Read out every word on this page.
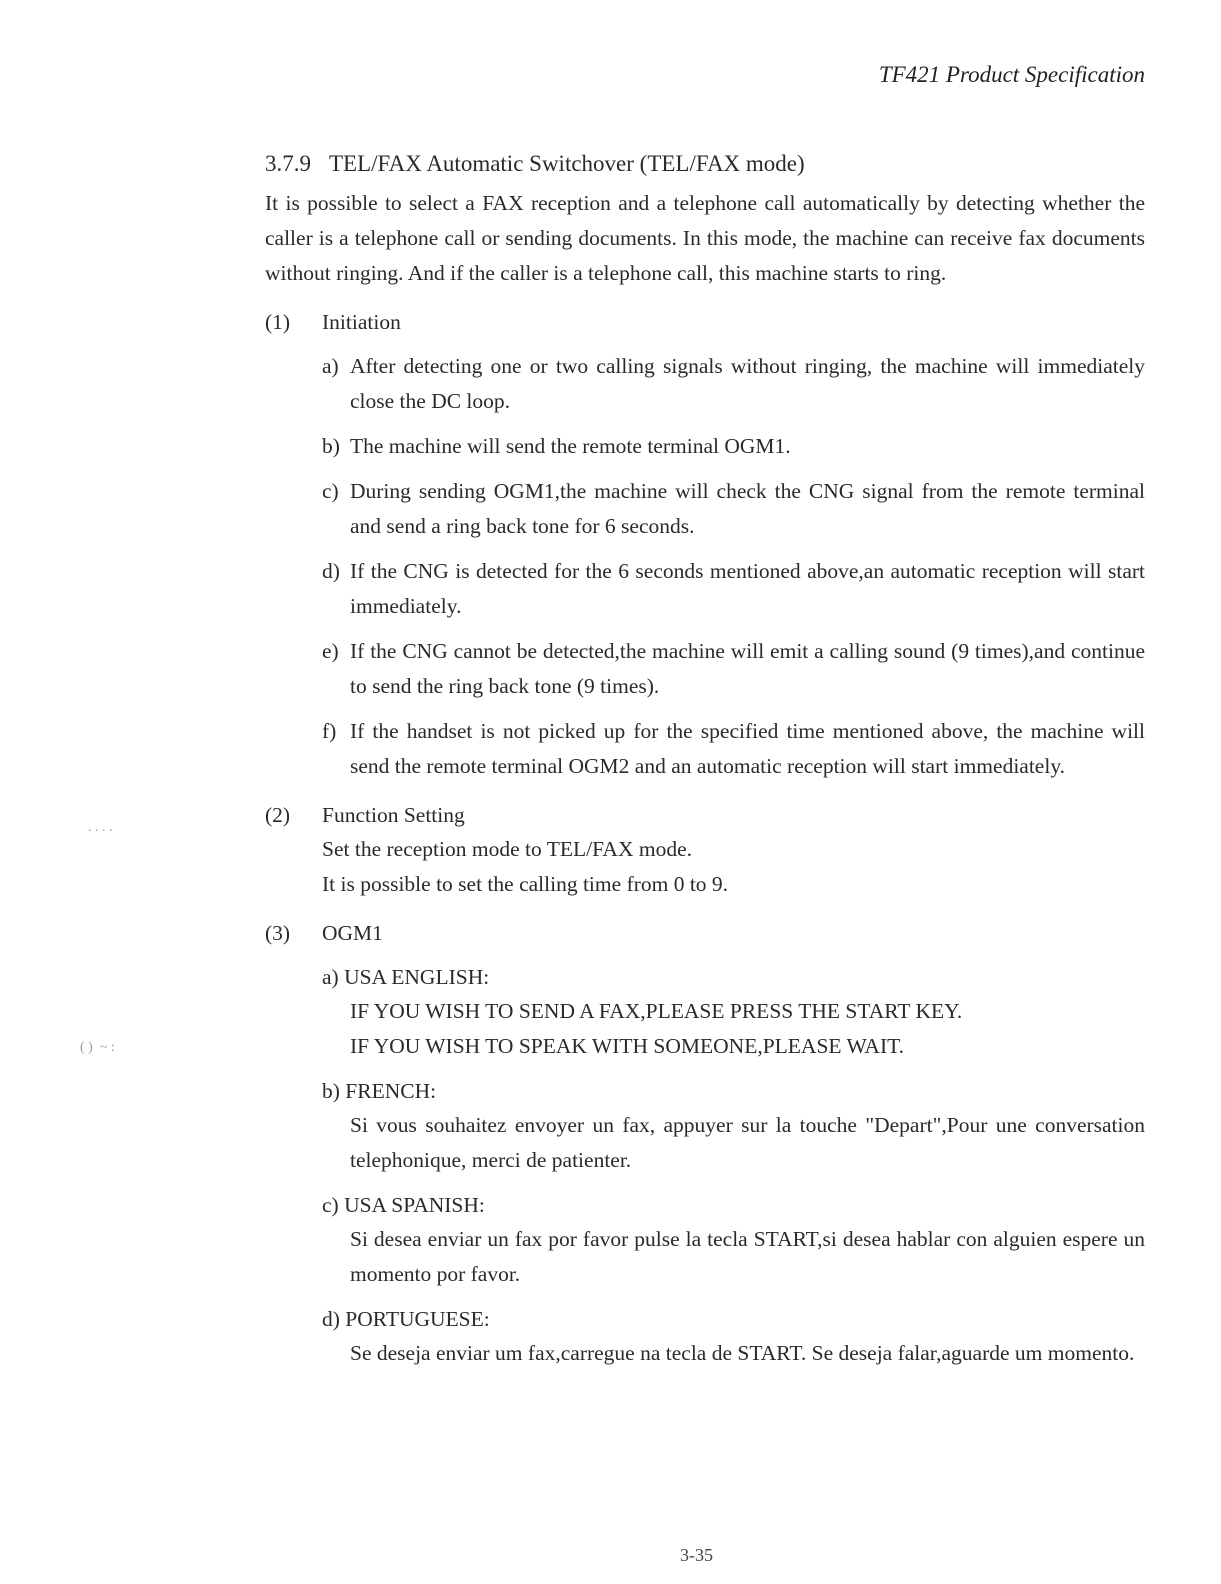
TF421 Product Specification
3.7.9 TEL/FAX Automatic Switchover (TEL/FAX mode)

It is possible to select a FAX reception and a telephone call automatically by detecting whether the caller is a telephone call or sending documents. In this mode, the machine can receive fax documents without ringing. And if the caller is a telephone call, this machine starts to ring.

(1)	Initiation
a) After detecting one or two calling signals without ringing, the machine will immediately close the DC loop.
b) The machine will send the remote terminal OGM1.
c) During sending OGM1,the machine will check the CNG signal from the remote terminal and send a ring back tone for 6 seconds.
d) If the CNG is detected for the 6 seconds mentioned above,an automatic reception will start immediately.
e) If the CNG cannot be detected,the machine will emit a calling sound (9 times),and continue to send the ring back tone (9 times).
f) If the handset is not picked up for the specified time mentioned above, the machine will send the remote terminal OGM2 and an automatic reception will start immediately.
(2)	Function Setting
Set the reception mode to TEL/FAX mode.
It is possible to set the calling time from 0 to 9.
(3)	OGM1
a) USA ENGLISH:
IF YOU WISH TO SEND A FAX,PLEASE PRESS THE START KEY.
IF YOU WISH TO SPEAK WITH SOMEONE,PLEASE WAIT.
b) FRENCH:
Si vous souhaitez envoyer un fax, appuyer sur la touche "Depart",Pour une conversation telephonique, merci de patienter.
c) USA SPANISH:
Si desea enviar un fax por favor pulse la tecla START,si desea hablar con alguien espere un momento por favor.
d) PORTUGUESE:
Se deseja enviar um fax,carregue na tecla de START. Se deseja falar,aguarde um momento.
. . . .
( )  ~ :
3-35
